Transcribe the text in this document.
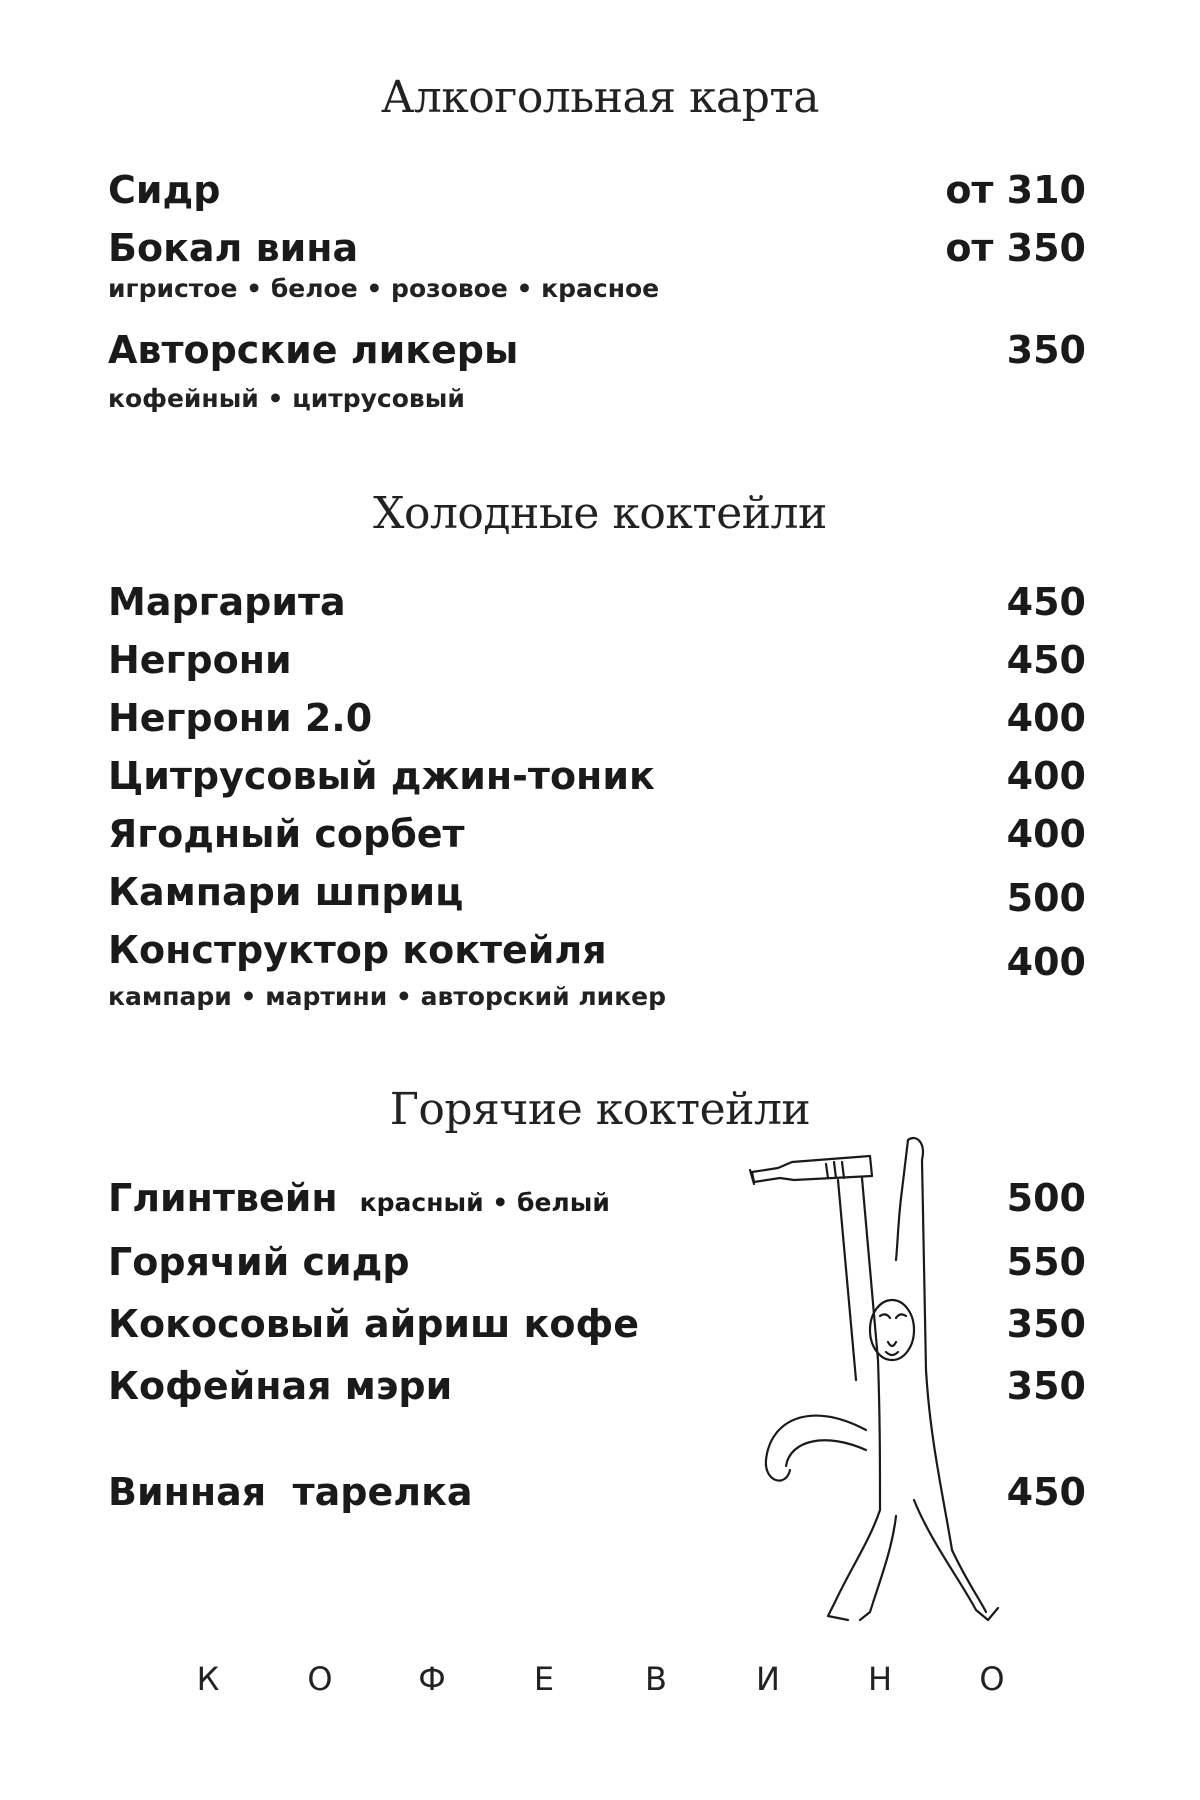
Алкогольная карта
Сидр	от 310
Бокал вина	от 350
игристое • белое • розовое • красное
Авторские ликеры	350
кофейный • цитрусовый
Холодные коктейли
Маргарита	450
Негрони	450
Негрони 2.0	400
Цитрусовый джин-тоник	400
Ягодный сорбет	400
Кампари шприц	500
Конструктор коктейля	400
кампари • мартини • авторский ликер
Горячие коктейли
Глинтвейн красный • белый	500
Горячий сидр	550
Кокосовый айриш кофе	350
Кофейная мэри	350
Винная  тарелка	450
К	О	Ф	Е	В	И	Н	О
